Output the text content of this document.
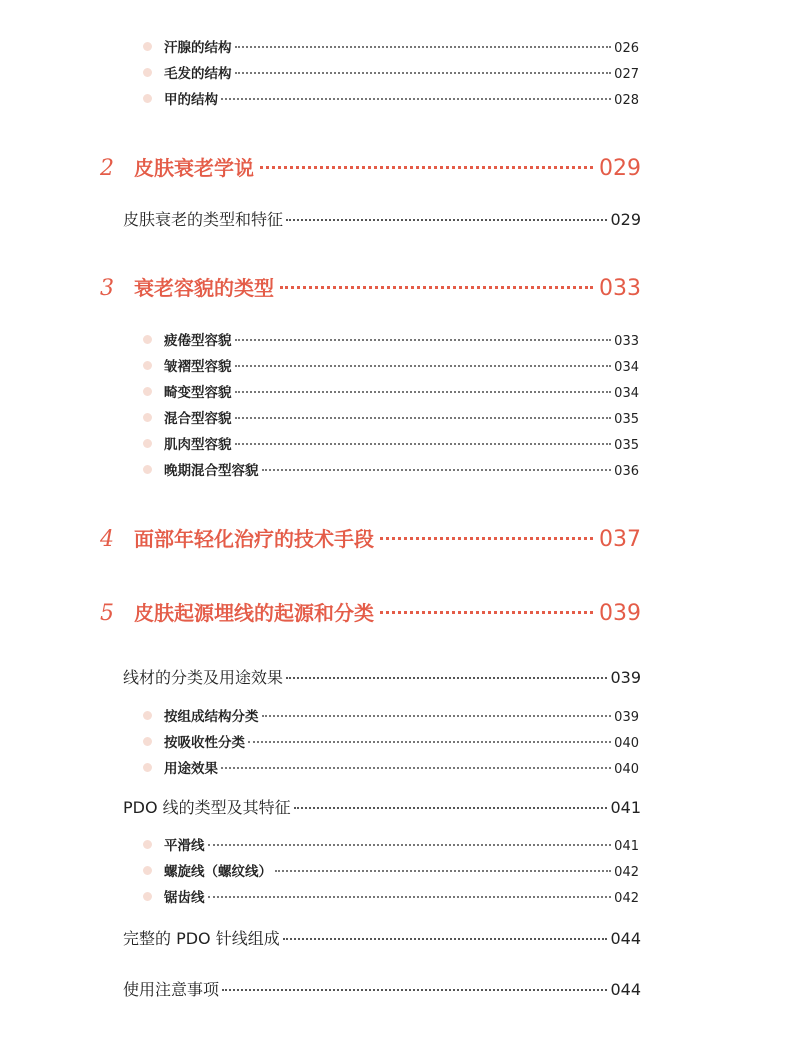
汗腺的结构	026
毛发的结构	027
甲的结构	028
2	皮肤衰老学说	029
皮肤衰老的类型和特征	029
3	衰老容貌的类型	033
疲倦型容貌	033
皱褶型容貌	034
畸变型容貌	034
混合型容貌	035
肌肉型容貌	035
晚期混合型容貌	036
4	面部年轻化治疗的技术手段	037
5	皮肤起源埋线的起源和分类	039
线材的分类及用途效果	039
按组成结构分类	039
按吸收性分类	040
用途效果	040
PDO 线的类型及其特征	041
平滑线	041
螺旋线（螺纹线）	042
锯齿线	042
完整的 PDO 针线组成	044
使用注意事项	044
